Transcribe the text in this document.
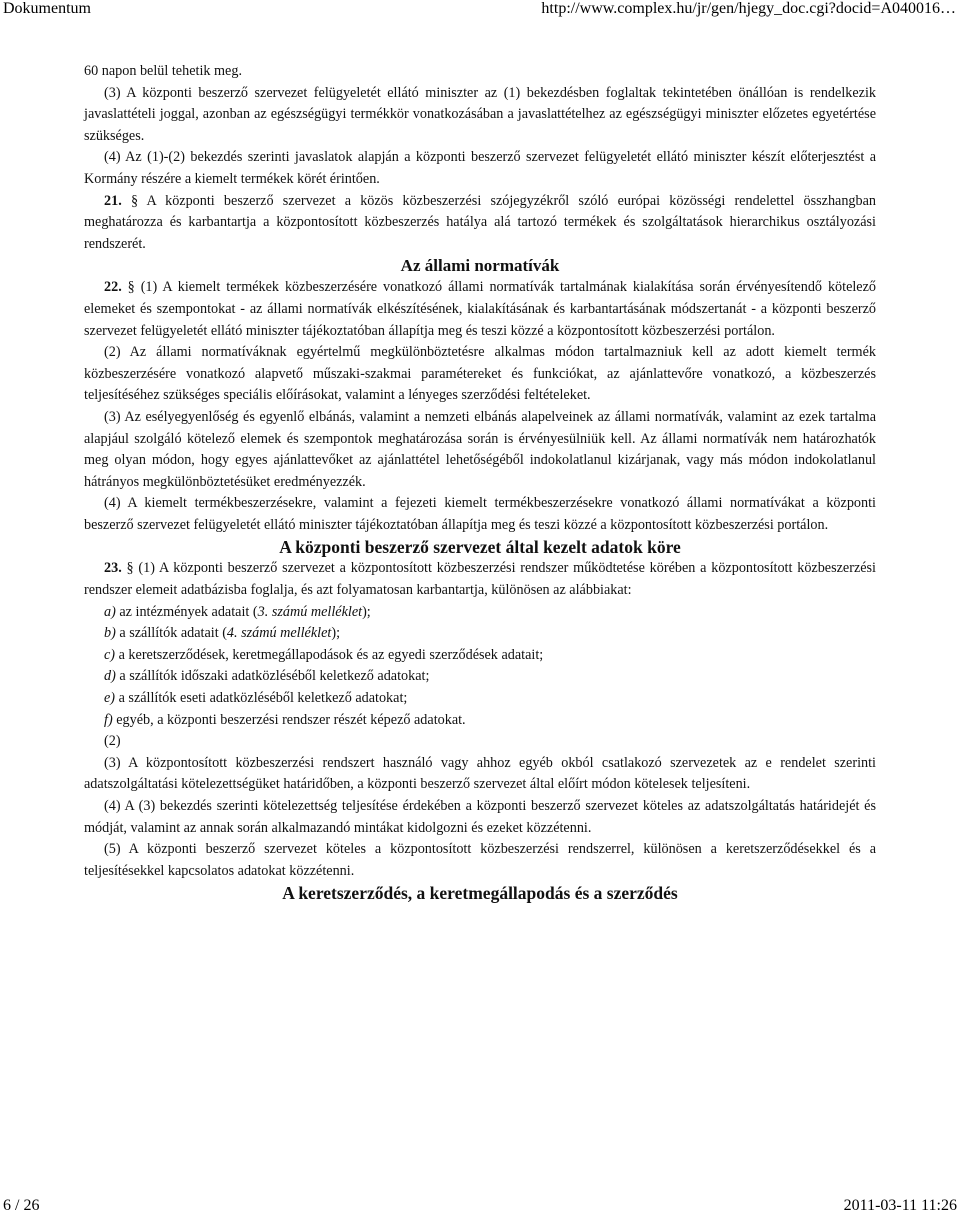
Dokumentum	http://www.complex.hu/jr/gen/hjegy_doc.cgi?docid=A040016…

60 napon belül tehetik meg.

(3) A központi beszerző szervezet felügyeletét ellátó miniszter az (1) bekezdésben foglaltak tekintetében önállóan is rendelkezik javaslattételi joggal, azonban az egészségügyi termékkör vonatkozásában a javaslattételhez az egészségügyi miniszter előzetes egyetértése szükséges.

(4) Az (1)-(2) bekezdés szerinti javaslatok alapján a központi beszerző szervezet felügyeletét ellátó miniszter készít előterjesztést a Kormány részére a kiemelt termékek körét érintően.

21. § A központi beszerző szervezet a közös közbeszerzési szójegyzékről szóló európai közösségi rendelettel összhangban meghatározza és karbantartja a központosított közbeszerzés hatálya alá tartozó termékek és szolgáltatások hierarchikus osztályozási rendszerét.

Az állami normatívák

22. § (1) A kiemelt termékek közbeszerzésére vonatkozó állami normatívák tartalmának kialakítása során érvényesítendő kötelező elemeket és szempontokat - az állami normatívák elkészítésének, kialakításának és karbantartásának módszertanát - a központi beszerző szervezet felügyeletét ellátó miniszter tájékoztatóban állapítja meg és teszi közzé a központosított közbeszerzési portálon.

(2) Az állami normatíváknak egyértelmű megkülönböztetésre alkalmas módon tartalmazniuk kell az adott kiemelt termék közbeszerzésére vonatkozó alapvető műszaki-szakmai paramétereket és funkciókat, az ajánlattevőre vonatkozó, a közbeszerzés teljesítéséhez szükséges speciális előírásokat, valamint a lényeges szerződési feltételeket.

(3) Az esélyegyenlőség és egyenlő elbánás, valamint a nemzeti elbánás alapelveinek az állami normatívák, valamint az ezek tartalma alapjául szolgáló kötelező elemek és szempontok meghatározása során is érvényesülniük kell. Az állami normatívák nem határozhatók meg olyan módon, hogy egyes ajánlattevőket az ajánlattétel lehetőségéből indokolatlanul kizárjanak, vagy más módon indokolatlanul hátrányos megkülönböztetésüket eredményezzék.

(4) A kiemelt termékbeszerzésekre, valamint a fejezeti kiemelt termékbeszerzésekre vonatkozó állami normatívákat a központi beszerző szervezet felügyeletét ellátó miniszter tájékoztatóban állapítja meg és teszi közzé a központosított közbeszerzési portálon.

A központi beszerző szervezet által kezelt adatok köre

23. § (1) A központi beszerző szervezet a központosított közbeszerzési rendszer működtetése körében a központosított közbeszerzési rendszer elemeit adatbázisba foglalja, és azt folyamatosan karbantartja, különösen az alábbiakat:

a) az intézmények adatait (3. számú melléklet);

b) a szállítók adatait (4. számú melléklet);

c) a keretszerződések, keretmegállapodások és az egyedi szerződések adatait;

d) a szállítók időszaki adatközléséből keletkező adatokat;

e) a szállítók eseti adatközléséből keletkező adatokat;

f) egyéb, a központi beszerzési rendszer részét képező adatokat.

(2)

(3) A központosított közbeszerzési rendszert használó vagy ahhoz egyéb okból csatlakozó szervezetek az e rendelet szerinti adatszolgáltatási kötelezettségüket határidőben, a központi beszerző szervezet által előírt módon kötelesek teljesíteni.

(4) A (3) bekezdés szerinti kötelezettség teljesítése érdekében a központi beszerző szervezet köteles az adatszolgáltatás határidejét és módját, valamint az annak során alkalmazandó mintákat kidolgozni és ezeket közzétenni.

(5) A központi beszerző szervezet köteles a központosított közbeszerzési rendszerrel, különösen a keretszerződésekkel és a teljesítésekkel kapcsolatos adatokat közzétenni.

A keretszerződés, a keretmegállapodás és a szerződés

6 / 26	2011-03-11 11:26
